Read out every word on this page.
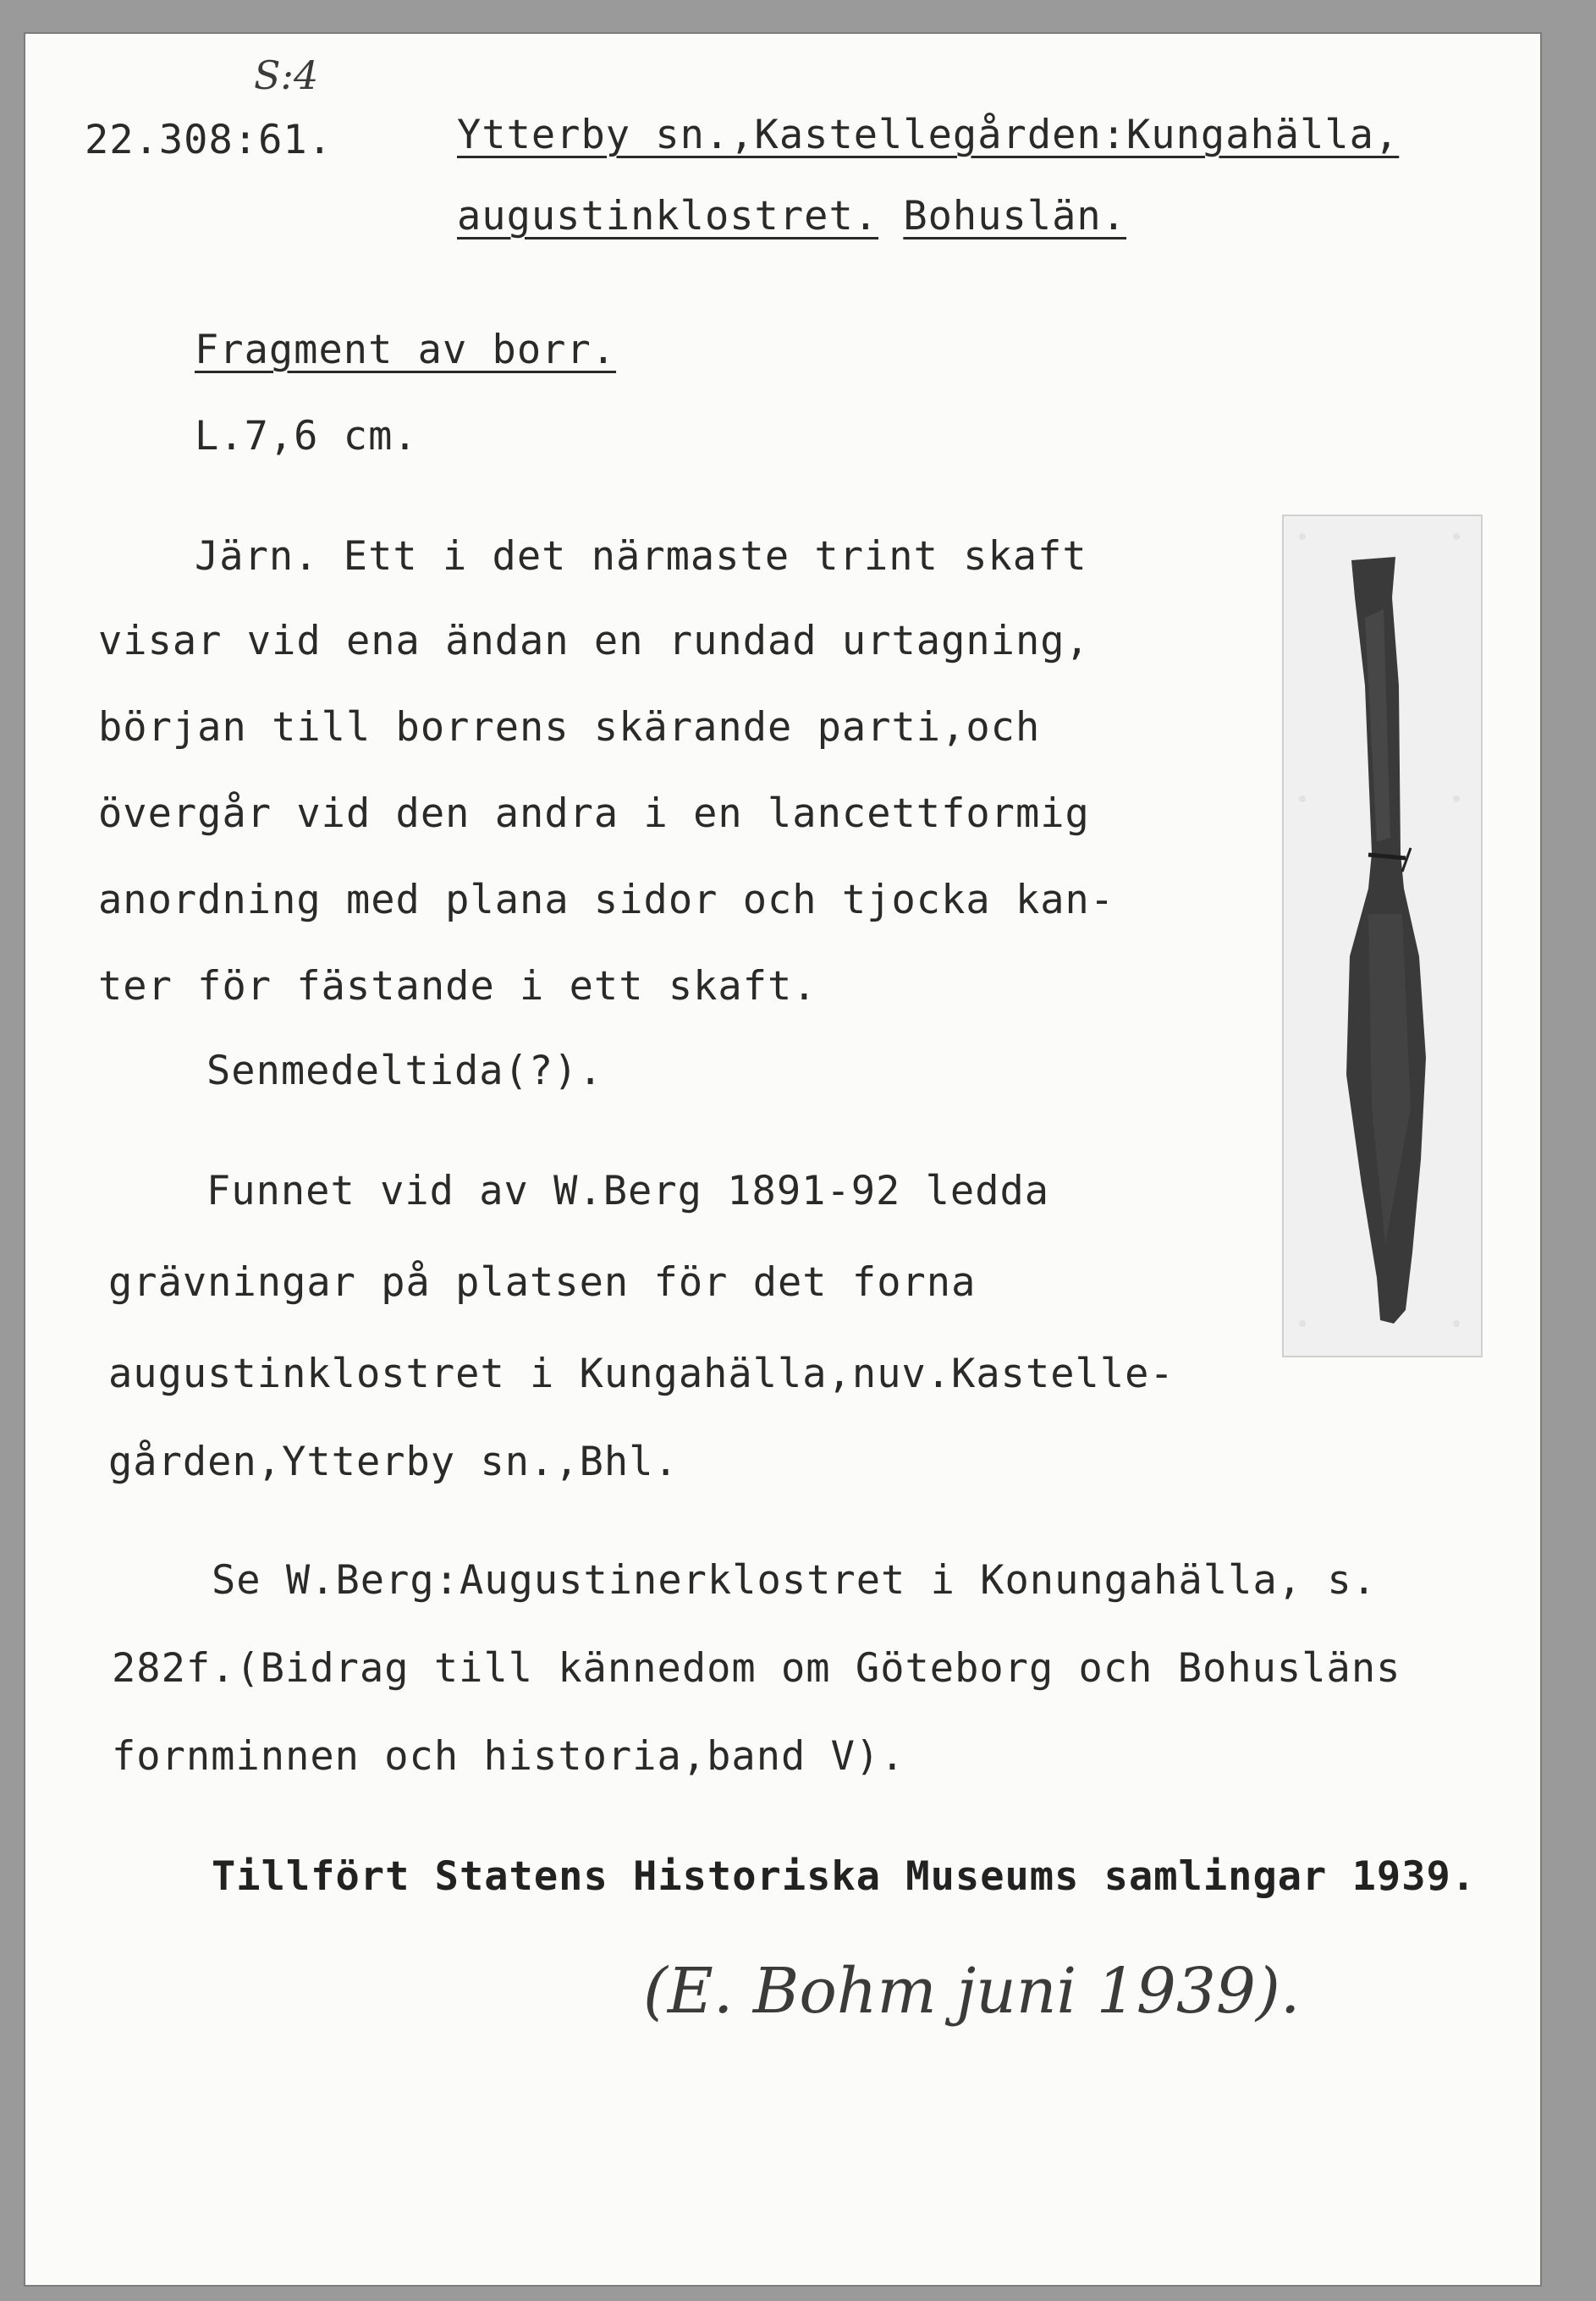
S:4
22.308:61.	Ytterby sn.,Kastellegården:Kungahälla,
augustinklostret. Bohuslän.
Fragment av borr.
L.7,6 cm.
Järn. Ett i det närmaste trint skaft
visar vid ena ändan en rundad urtagning,
början till borrens skärande parti,och
övergår vid den andra i en lancettformig
anordning med plana sidor och tjocka kan-
ter för fästande i ett skaft.
Senmedeltida(?).
Funnet vid av W.Berg 1891-92 ledda
grävningar på platsen för det forna
augustinklostret i Kungahälla,nuv.Kastelle-
gården,Ytterby sn.,Bhl.
Se W.Berg:Augustinerklostret i Konungahälla, s.
282f.(Bidrag till kännedom om Göteborg och Bohusläns
fornminnen och historia,band V).
Tillfört Statens Historiska Museums samlingar 1939.
(E. Bohm juni 1939).
